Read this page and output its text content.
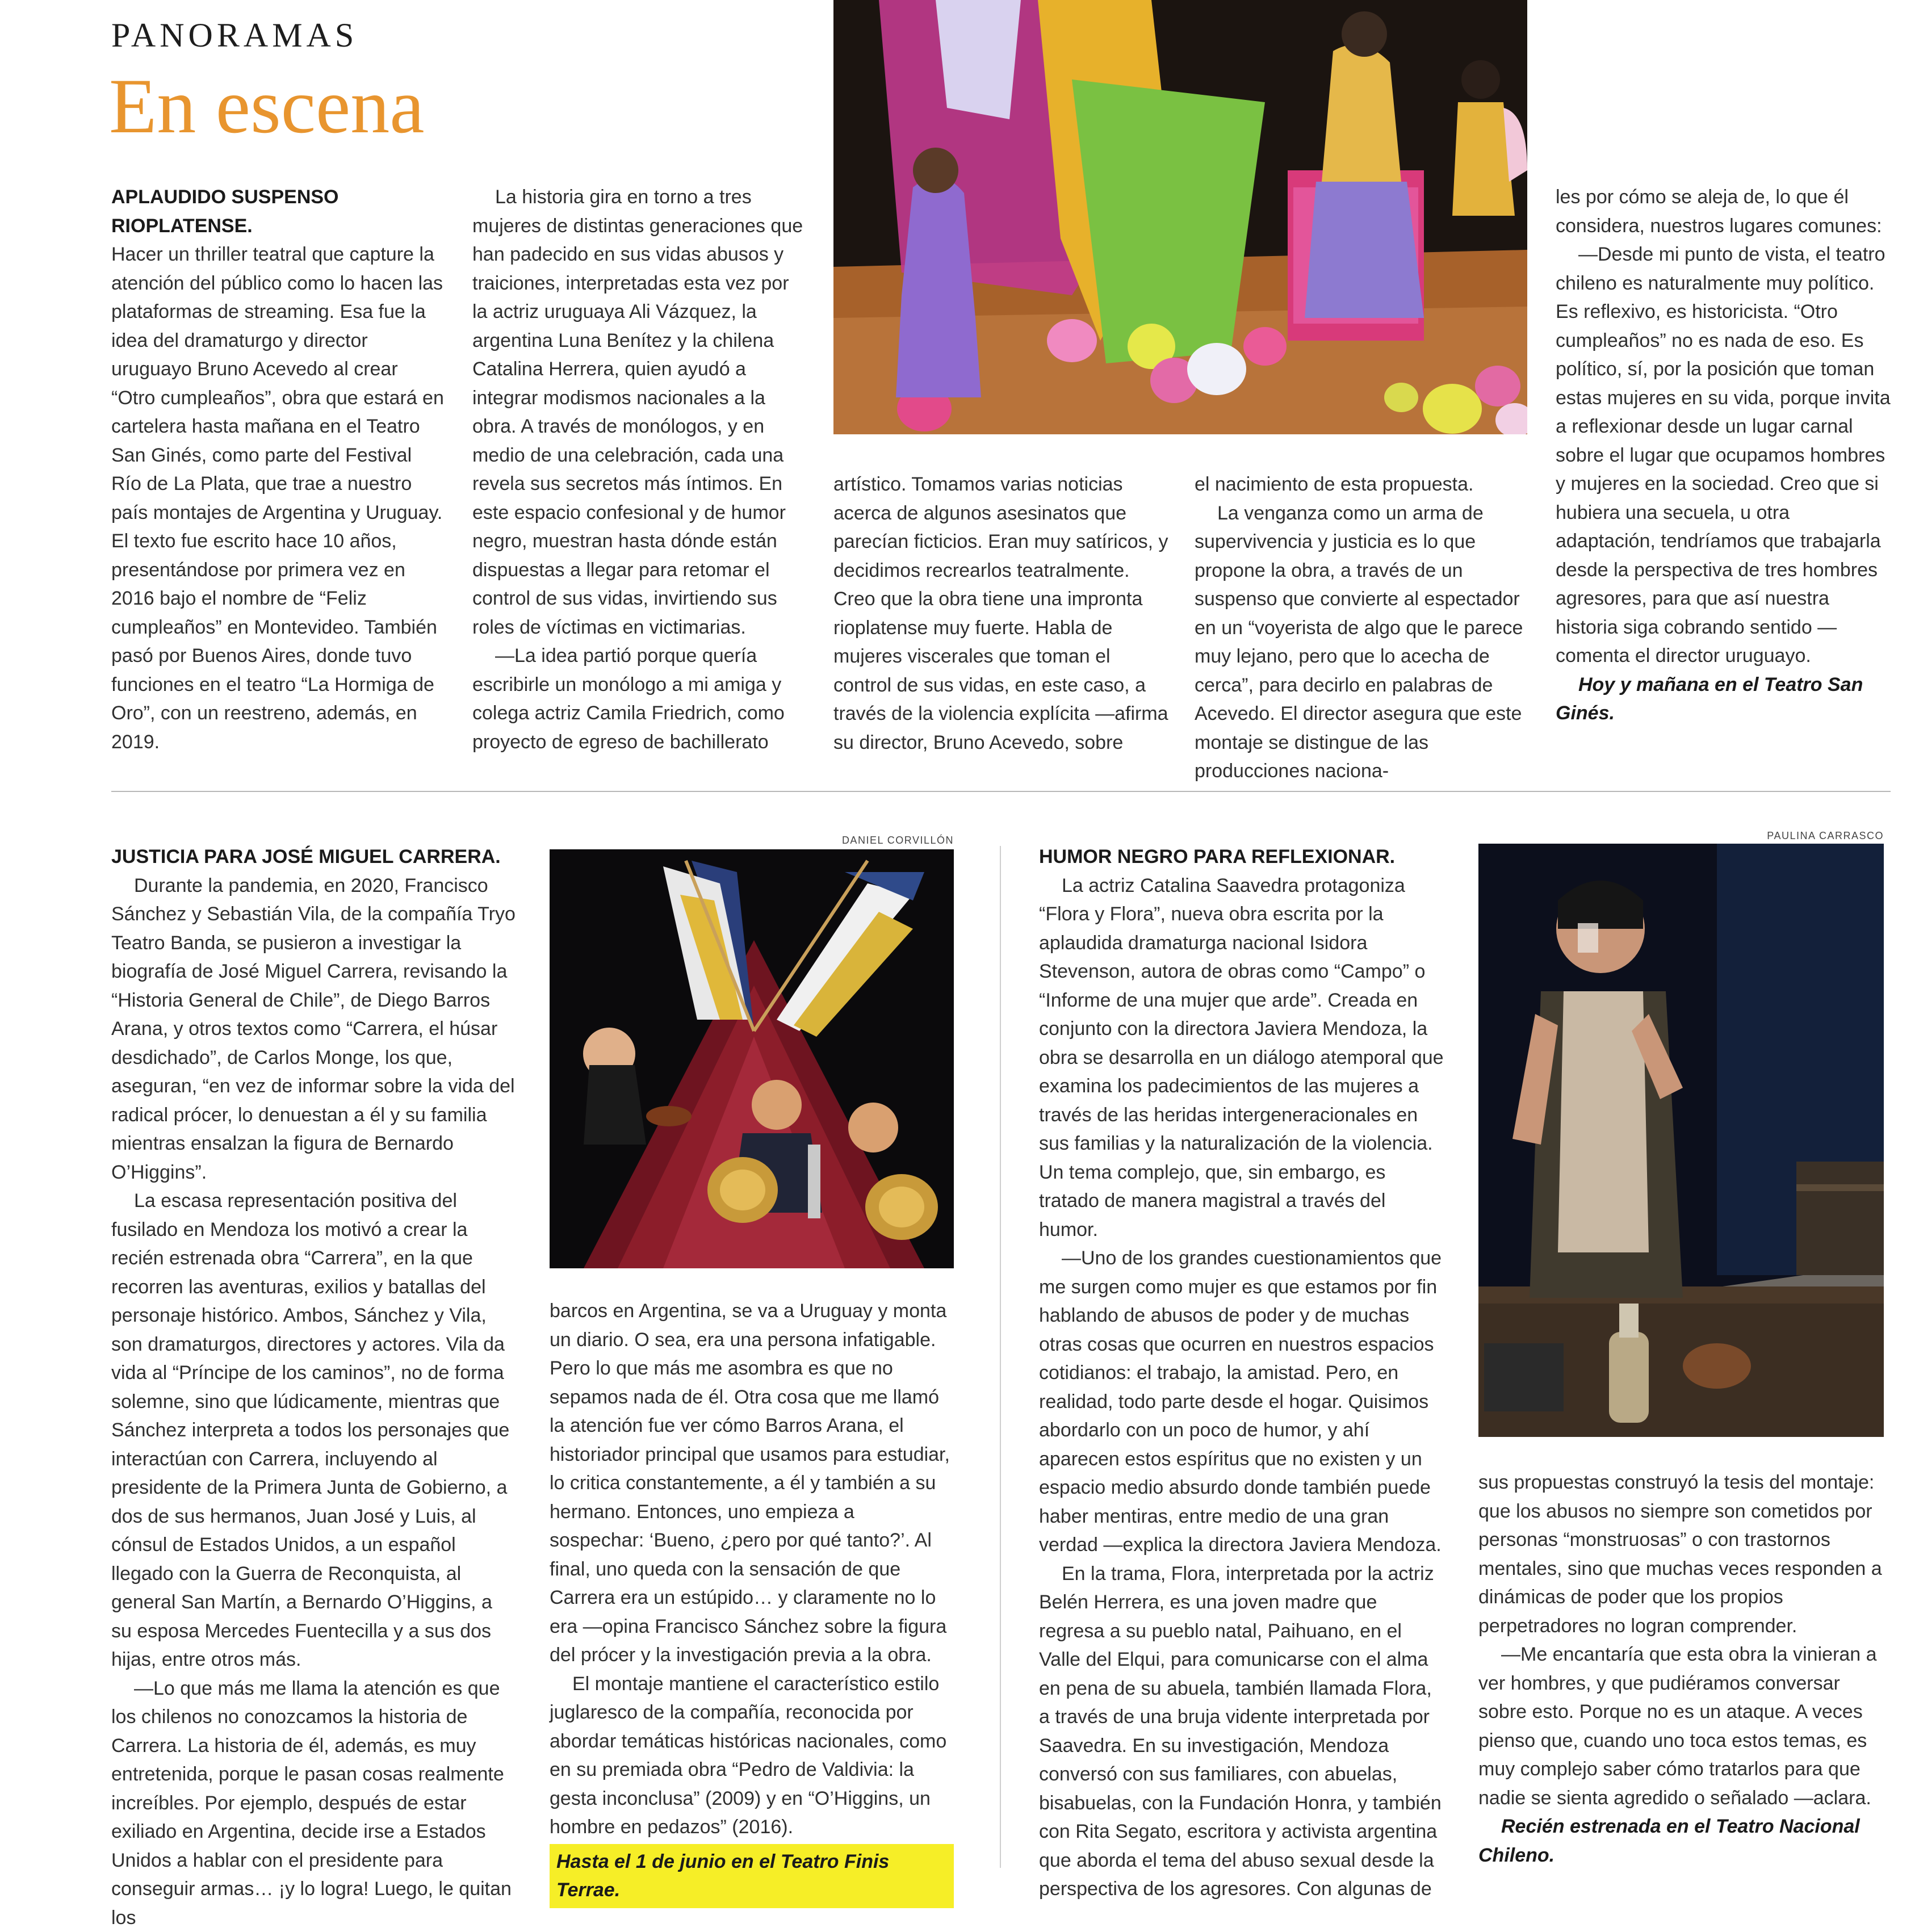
PANORAMAS
En escena

APLAUDIDO SUSPENSO RIOPLATENSE.

Hacer un thriller teatral que capture la atención del público como lo hacen las plataformas de streaming. Esa fue la idea del dramaturgo y director uruguayo Bruno Acevedo al crear “Otro cumpleaños”, obra que estará en cartelera hasta mañana en el Teatro San Ginés, como parte del Festival Río de La Plata, que trae a nuestro país montajes de Argentina y Uruguay. El texto fue escrito hace 10 años, presentándose por primera vez en 2016 bajo el nombre de “Feliz cumpleaños” en Montevideo. También pasó por Buenos Aires, donde tuvo funciones en el teatro “La Hormiga de Oro”, con un reestreno, además, en 2019.

La historia gira en torno a tres mujeres de distintas generaciones que han padecido en sus vidas abusos y traiciones, interpretadas esta vez por la actriz uruguaya Ali Vázquez, la argentina Luna Benítez y la chilena Catalina Herrera, quien ayudó a integrar modismos nacionales a la obra. A través de monólogos, y en medio de una celebración, cada una revela sus secretos más íntimos. En este espacio confesional y de humor negro, muestran hasta dónde están dispuestas a llegar para retomar el control de sus vidas, invirtiendo sus roles de víctimas en victimarias.

—La idea partió porque quería escribirle un monólogo a mi amiga y colega actriz Camila Friedrich, como proyecto de egreso de bachillerato

artístico. Tomamos varias noticias acerca de algunos asesinatos que parecían ficticios. Eran muy satíricos, y decidimos recrearlos teatralmente. Creo que la obra tiene una impronta rioplatense muy fuerte. Habla de mujeres viscerales que toman el control de sus vidas, en este caso, a través de la violencia explícita —afirma su director, Bruno Acevedo, sobre

el nacimiento de esta propuesta.

La venganza como un arma de supervivencia y justicia es lo que propone la obra, a través de un suspenso que convierte al espectador en un “voyerista de algo que le parece muy lejano, pero que lo acecha de cerca”, para decirlo en palabras de Acevedo. El director asegura que este montaje se distingue de las producciones naciona-

les por cómo se aleja de, lo que él considera, nuestros lugares comunes:

—Desde mi punto de vista, el teatro chileno es naturalmente muy político. Es reflexivo, es historicista. “Otro cumpleaños” no es nada de eso. Es político, sí, por la posición que toman estas mujeres en su vida, porque invita a reflexionar desde un lugar carnal sobre el lugar que ocupamos hombres y mujeres en la sociedad. Creo que si hubiera una secuela, u otra adaptación, tendríamos que trabajarla desde la perspectiva de tres hombres agresores, para que así nuestra historia siga cobrando sentido —comenta el director uruguayo.

Hoy y mañana en el Teatro San Ginés.

JUSTICIA PARA JOSÉ MIGUEL CARRERA.

Durante la pandemia, en 2020, Francisco Sánchez y Sebastián Vila, de la compañía Tryo Teatro Banda, se pusieron a investigar la biografía de José Miguel Carrera, revisando la “Historia General de Chile”, de Diego Barros Arana, y otros textos como “Carrera, el húsar desdichado”, de Carlos Monge, los que, aseguran, “en vez de informar sobre la vida del radical prócer, lo denuestan a él y su familia mientras ensalzan la figura de Bernardo O’Higgins”.

La escasa representación positiva del fusilado en Mendoza los motivó a crear la recién estrenada obra “Carrera”, en la que recorren las aventuras, exilios y batallas del personaje histórico. Ambos, Sánchez y Vila, son dramaturgos, directores y actores. Vila da vida al “Príncipe de los caminos”, no de forma solemne, sino que lúdicamente, mientras que Sánchez interpreta a todos los personajes que interactúan con Carrera, incluyendo al presidente de la Primera Junta de Gobierno, a dos de sus hermanos, Juan José y Luis, al cónsul de Estados Unidos, a un español llegado con la Guerra de Reconquista, al general San Martín, a Bernardo O’Higgins, a su esposa Mercedes Fuentecilla y a sus dos hijas, entre otros más.

—Lo que más me llama la atención es que los chilenos no conozcamos la historia de Carrera. La historia de él, además, es muy entretenida, porque le pasan cosas realmente increíbles. Por ejemplo, después de estar exiliado en Argentina, decide irse a Estados Unidos a hablar con el presidente para conseguir armas… ¡y lo logra! Luego, le quitan los

DANIEL CORVILLÓN

barcos en Argentina, se va a Uruguay y monta un diario. O sea, era una persona infatigable. Pero lo que más me asombra es que no sepamos nada de él. Otra cosa que me llamó la atención fue ver cómo Barros Arana, el historiador principal que usamos para estudiar, lo critica constantemente, a él y también a su hermano. Entonces, uno empieza a sospechar: ‘Bueno, ¿pero por qué tanto?’. Al final, uno queda con la sensación de que Carrera era un estúpido… y claramente no lo era —opina Francisco Sánchez sobre la figura del prócer y la investigación previa a la obra.

El montaje mantiene el característico estilo juglaresco de la compañía, reconocida por abordar temáticas históricas nacionales, como en su premiada obra “Pedro de Valdivia: la gesta inconclusa” (2009) y en “O’Higgins, un hombre en pedazos” (2016).

Hasta el 1 de junio en el Teatro Finis Terrae.

HUMOR NEGRO PARA REFLEXIONAR.

La actriz Catalina Saavedra protagoniza “Flora y Flora”, nueva obra escrita por la aplaudida dramaturga nacional Isidora Stevenson, autora de obras como “Campo” o “Informe de una mujer que arde”. Creada en conjunto con la directora Javiera Mendoza, la obra se desarrolla en un diálogo atemporal que examina los padecimientos de las mujeres a través de las heridas intergeneracionales en sus familias y la naturalización de la violencia. Un tema complejo, que, sin embargo, es tratado de manera magistral a través del humor.

—Uno de los grandes cuestionamientos que me surgen como mujer es que estamos por fin hablando de abusos de poder y de muchas otras cosas que ocurren en nuestros espacios cotidianos: el trabajo, la amistad. Pero, en realidad, todo parte desde el hogar. Quisimos abordarlo con un poco de humor, y ahí aparecen estos espíritus que no existen y un espacio medio absurdo donde también puede haber mentiras, entre medio de una gran verdad —explica la directora Javiera Mendoza.

En la trama, Flora, interpretada por la actriz Belén Herrera, es una joven madre que regresa a su pueblo natal, Paihuano, en el Valle del Elqui, para comunicarse con el alma en pena de su abuela, también llamada Flora, a través de una bruja vidente interpretada por Saavedra. En su investigación, Mendoza conversó con sus familiares, con abuelas, bisabuelas, con la Fundación Honra, y también con Rita Segato, escritora y activista argentina que aborda el tema del abuso sexual desde la perspectiva de los agresores. Con algunas de

PAULINA CARRASCO

sus propuestas construyó la tesis del montaje: que los abusos no siempre son cometidos por personas “monstruosas” o con trastornos mentales, sino que muchas veces responden a dinámicas de poder que los propios perpetradores no logran comprender.

—Me encantaría que esta obra la vinieran a ver hombres, y que pudiéramos conversar sobre esto. Porque no es un ataque. A veces pienso que, cuando uno toca estos temas, es muy complejo saber cómo tratarlos para que nadie se sienta agredido o señalado —aclara.

Recién estrenada en el Teatro Nacional Chileno.
